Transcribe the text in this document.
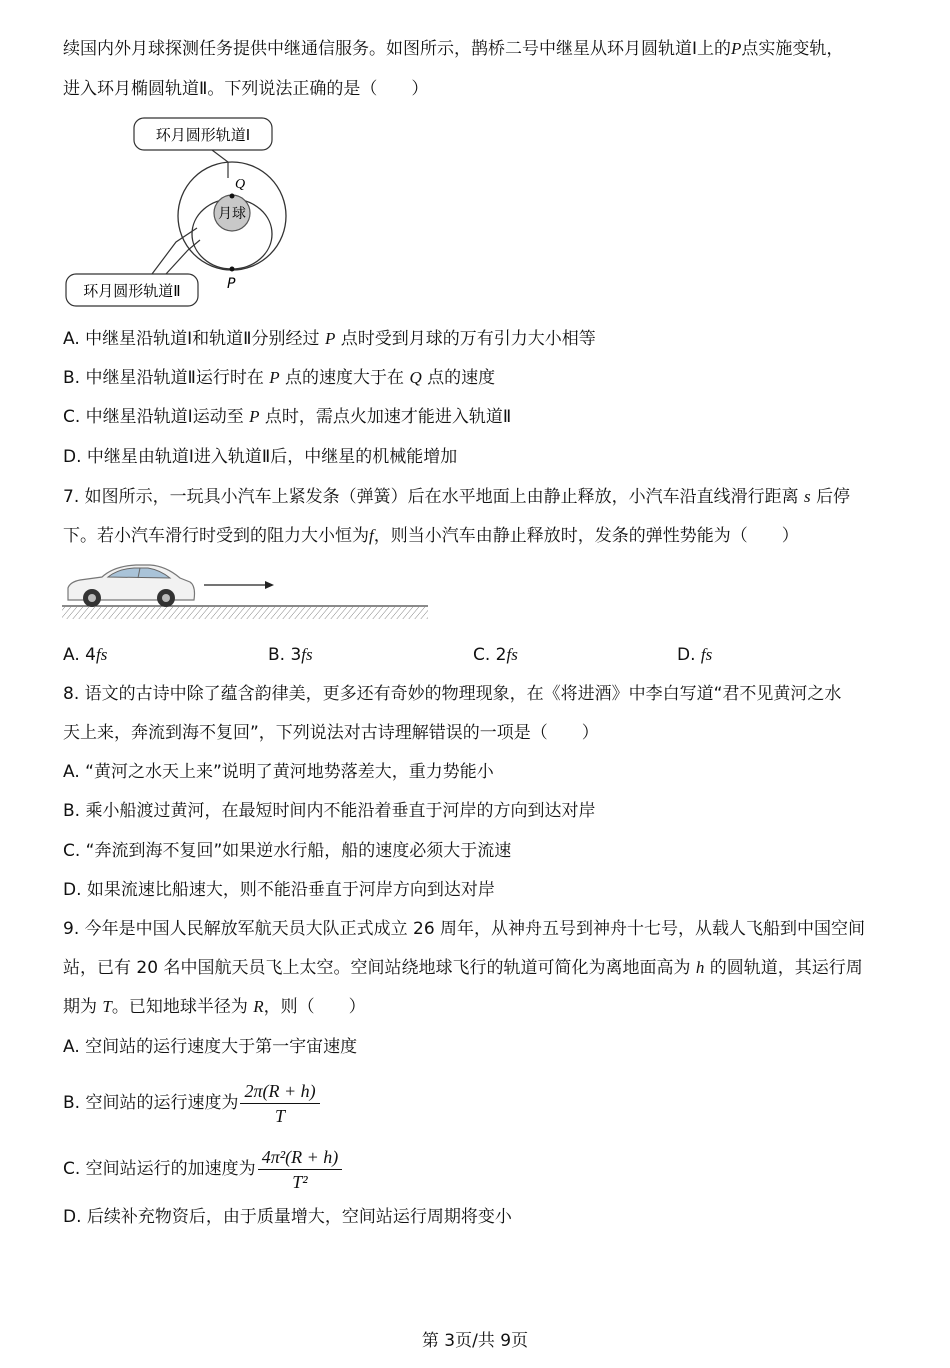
续国内外月球探测任务提供中继通信服务。如图所示，鹊桥二号中继星从环月圆轨道Ⅰ上的P点实施变轨，
进入环月椭圆轨道Ⅱ。下列说法正确的是（　　）
环月圆形轨道Ⅰ
月球
Q
P
环月圆形轨道Ⅱ
A. 中继星沿轨道Ⅰ和轨道Ⅱ分别经过 P 点时受到月球的万有引力大小相等
B. 中继星沿轨道Ⅱ运行时在 P 点的速度大于在 Q 点的速度
C. 中继星沿轨道Ⅰ运动至 P 点时，需点火加速才能进入轨道Ⅱ
D. 中继星由轨道Ⅰ进入轨道Ⅱ后，中继星的机械能增加
7. 如图所示，一玩具小汽车上紧发条（弹簧）后在水平地面上由静止释放，小汽车沿直线滑行距离 s 后停
下。若小汽车滑行时受到的阻力大小恒为f，则当小汽车由静止释放时，发条的弹性势能为（　　）
A. 4fs	B. 3fs	C. 2fs	D. fs
8. 语文的古诗中除了蕴含韵律美，更多还有奇妙的物理现象，在《将进酒》中李白写道“君不见黄河之水
天上来，奔流到海不复回”，下列说法对古诗理解错误的一项是（　　）
A. “黄河之水天上来”说明了黄河地势落差大，重力势能小
B. 乘小船渡过黄河，在最短时间内不能沿着垂直于河岸的方向到达对岸
C. “奔流到海不复回”如果逆水行船，船的速度必须大于流速
D. 如果流速比船速大，则不能沿垂直于河岸方向到达对岸
9. 今年是中国人民解放军航天员大队正式成立 26 周年，从神舟五号到神舟十七号，从载人飞船到中国空间
站，已有 20 名中国航天员飞上太空。空间站绕地球飞行的轨道可简化为离地面高为 h 的圆轨道，其运行周
期为 T。已知地球半径为 R，则（　　）
A. 空间站的运行速度大于第一宇宙速度
B. 空间站的运行速度为 $\frac{2\pi(R + h)}{T}$
C. 空间站运行的加速度为 $\frac{\text{4π²(R + h)}}{\text{T²}}$
D. 后续补充物资后，由于质量增大，空间站运行周期将变小
第 3页/共 9页
